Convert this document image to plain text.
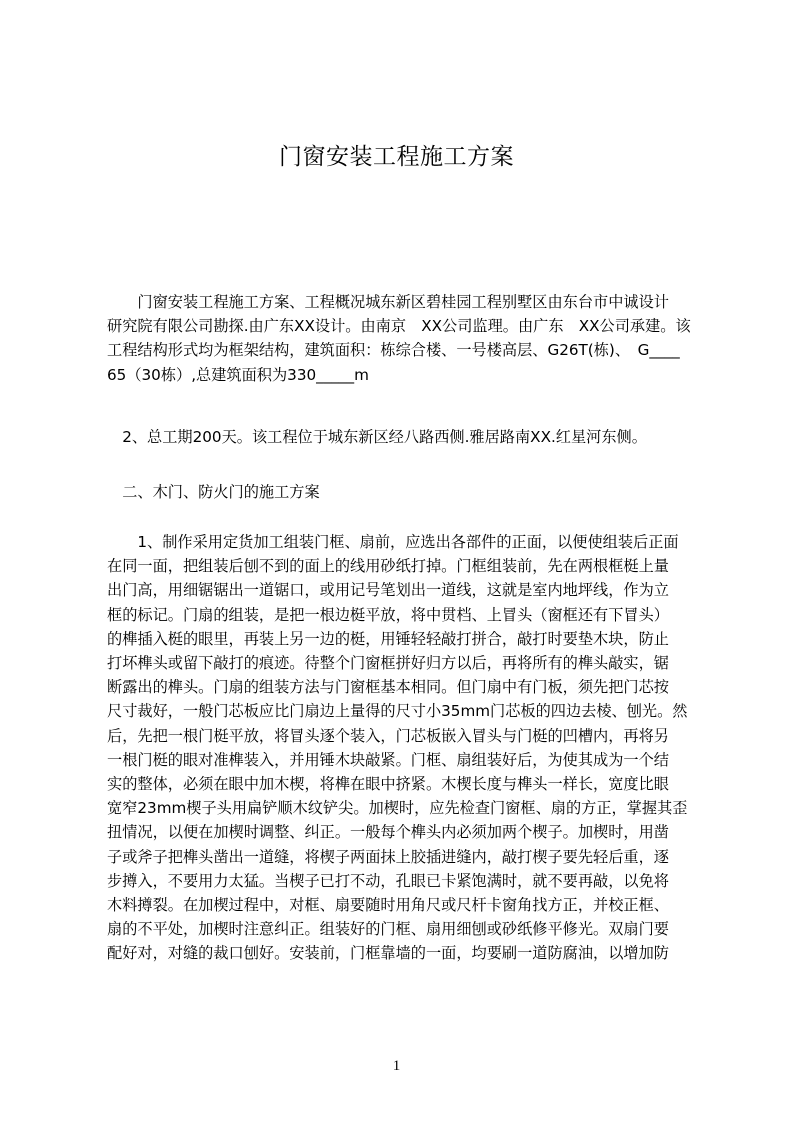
门窗安装工程施工方案
　　门窗安装工程施工方案、工程概况城东新区碧桂园工程别墅区由东台市中诚设计
研究院有限公司勘探.由广东XX设计。由南京　XX公司监理。由广东　XX公司承建。该
工程结构形式均为框架结构，建筑面积：栋综合楼、一号楼高层、G26T(栋)、　G____
65（30栋）,总建筑面积为330_____m

　2、总工期200天。该工程位于城东新区经八路西侧.雅居路南XX.红星河东侧。

　二、木门、防火门的施工方案

　　1、制作采用定货加工组装门框、扇前，应选出各部件的正面，以便使组装后正面
在同一面，把组装后刨不到的面上的线用砂纸打掉。门框组装前，先在两根框梃上量
出门高，用细锯锯出一道锯口，或用记号笔划出一道线，这就是室内地坪线，作为立
框的标记。门扇的组装，是把一根边梃平放，将中贯档、上冒头（窗框还有下冒头）
的榫插入梃的眼里，再装上另一边的梃，用锤轻轻敲打拼合，敲打时要垫木块，防止
打坏榫头或留下敲打的痕迹。待整个门窗框拼好归方以后，再将所有的榫头敲实，锯
断露出的榫头。门扇的组装方法与门窗框基本相同。但门扇中有门板，须先把门芯按
尺寸裁好，一般门芯板应比门扇边上量得的尺寸小35mm门芯板的四边去棱、刨光。然
后，先把一根门梃平放，将冒头逐个装入，门芯板嵌入冒头与门梃的凹槽内，再将另
一根门梃的眼对准榫装入，并用锤木块敲紧。门框、扇组装好后，为使其成为一个结
实的整体，必须在眼中加木楔，将榫在眼中挤紧。木楔长度与榫头一样长，宽度比眼
宽窄23mm楔子头用扁铲顺木纹铲尖。加楔时，应先检查门窗框、扇的方正，掌握其歪
扭情况，以便在加楔时调整、纠正。一般每个榫头内必须加两个楔子。加楔时，用凿
子或斧子把榫头凿出一道缝，将楔子两面抹上胶插进缝内，敲打楔子要先轻后重，逐
步撙入，不要用力太猛。当楔子已打不动，孔眼已卡紧饱满时，就不要再敲，以免将
木料撙裂。在加楔过程中，对框、扇要随时用角尺或尺杆卡窗角找方正，并校正框、
扇的不平处，加楔时注意纠正。组装好的门框、扇用细刨或砂纸修平修光。双扇门要
配好对，对缝的裁口刨好。安装前，门框靠墙的一面，均要刷一道防腐油，以增加防
1
